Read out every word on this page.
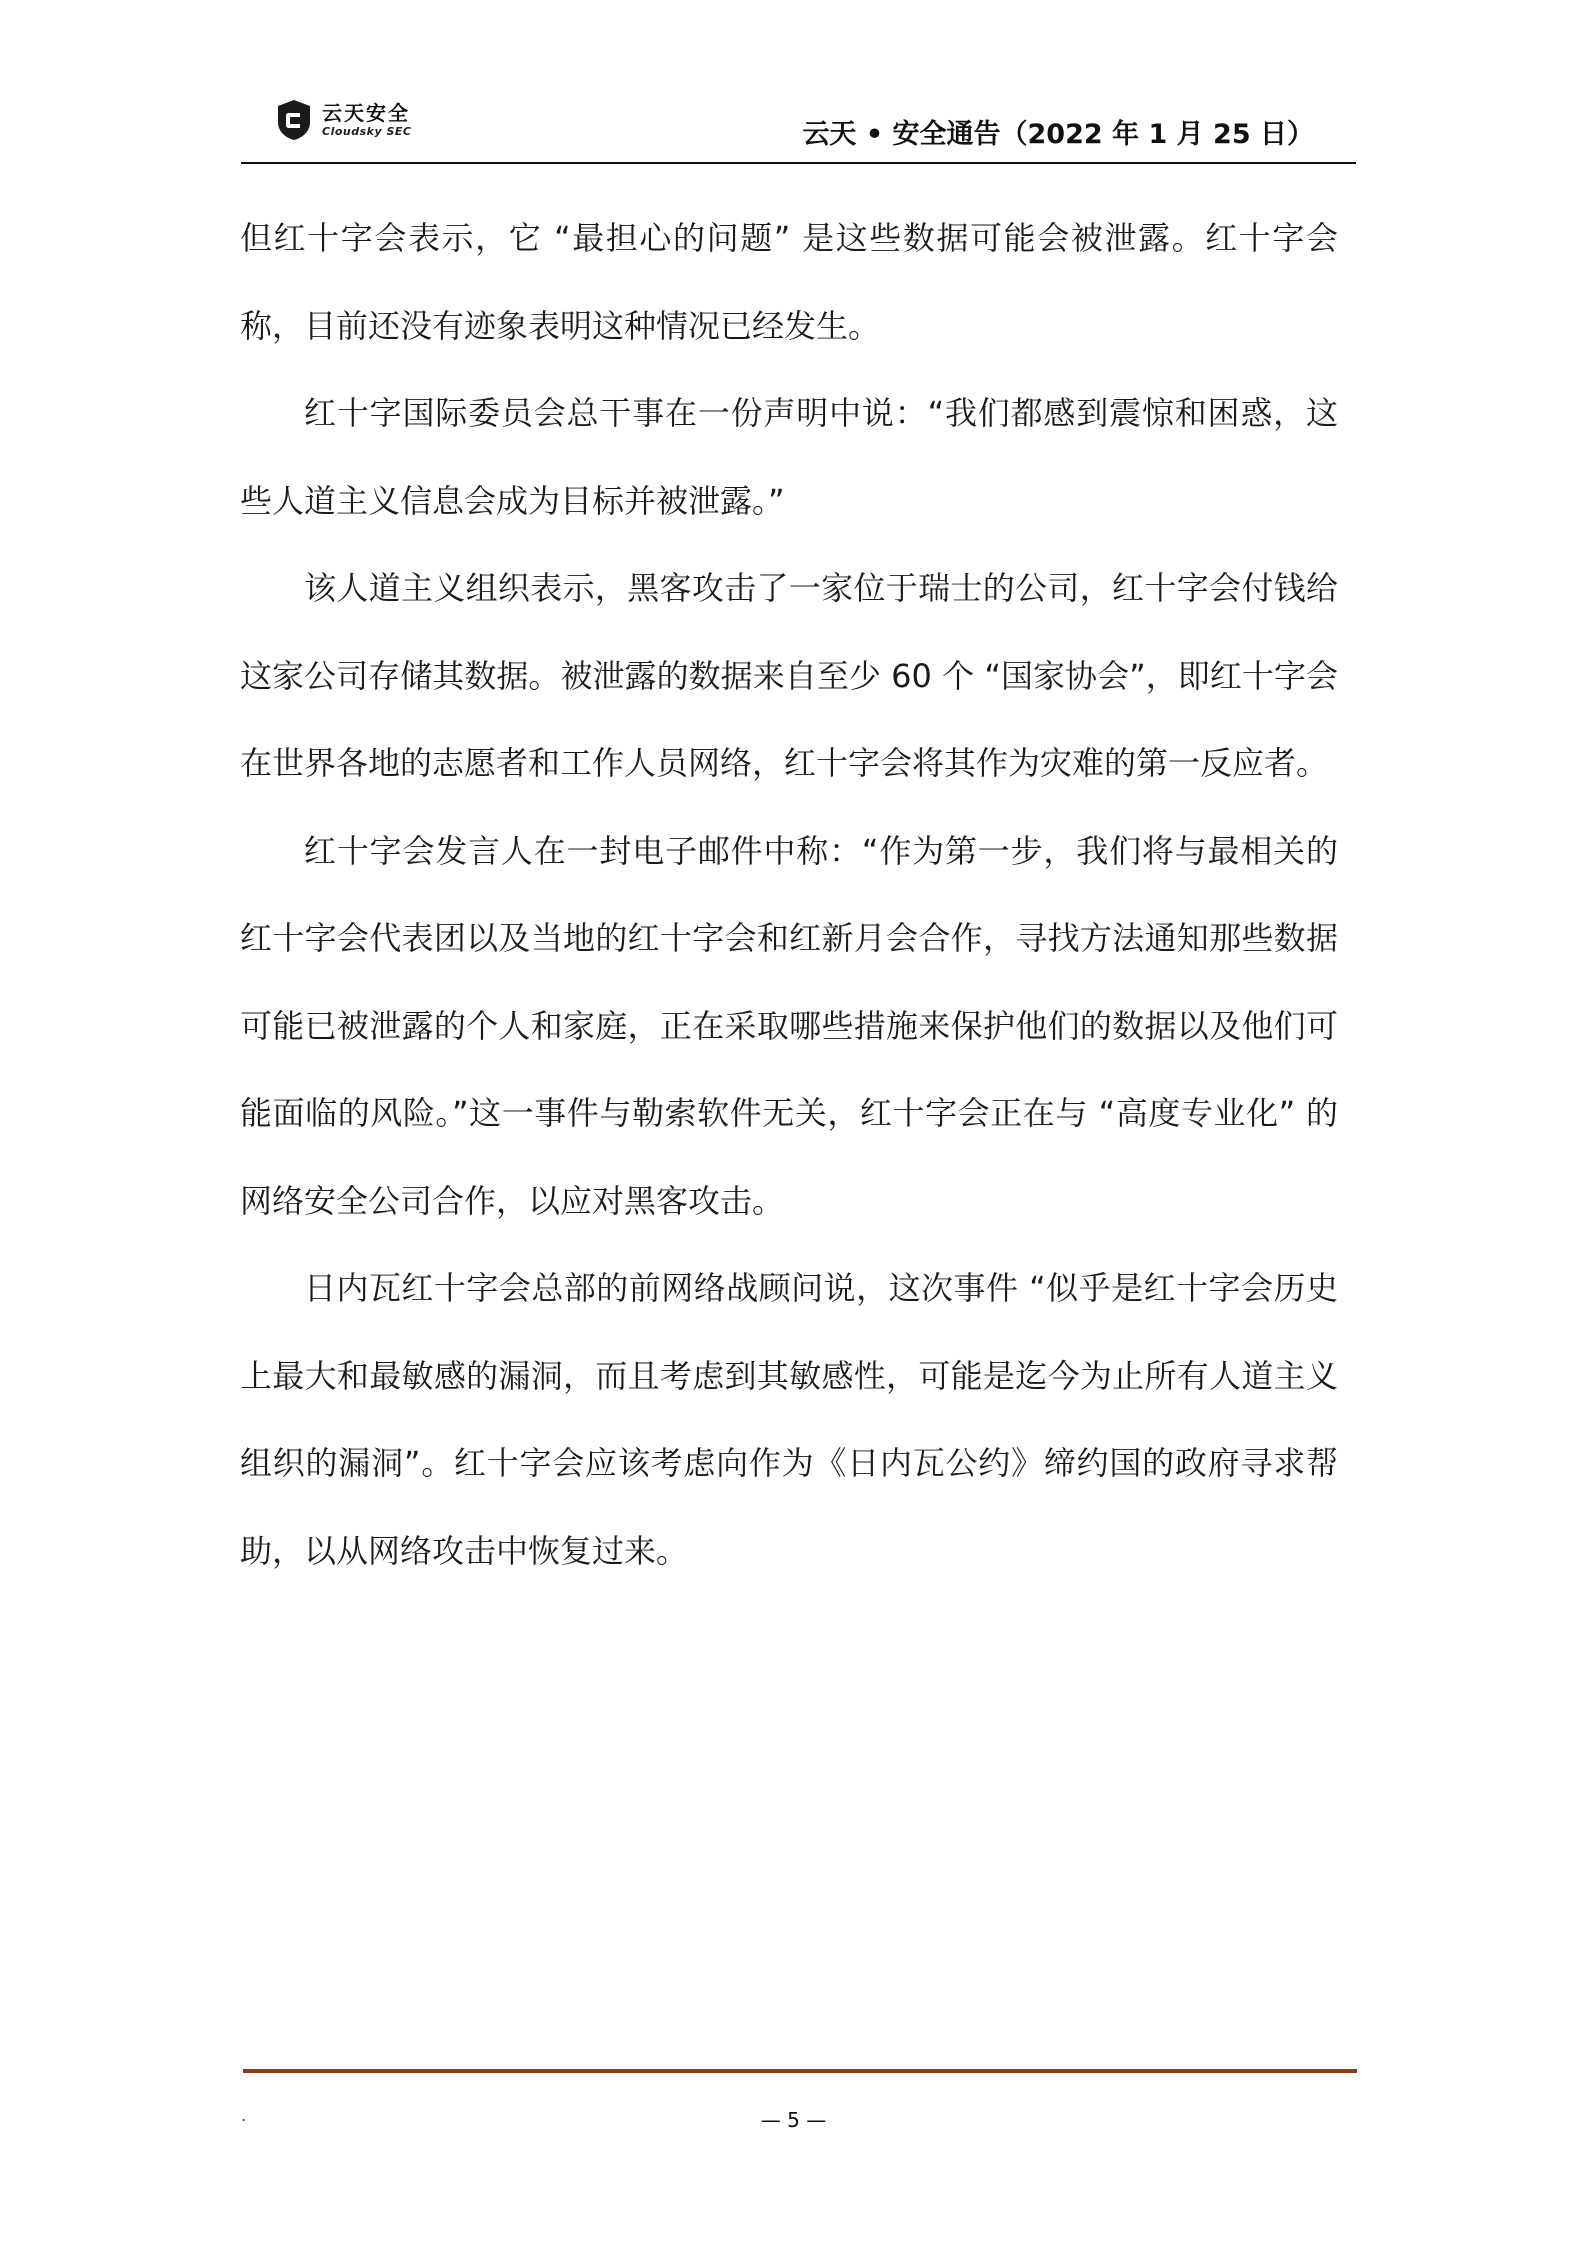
云天安全
Cloudsky SEC	云天 • 安全通告（2022 年 1 月 25 日）

但红十字会表示，它 “最担心的问题” 是这些数据可能会被泄露。红十字会称，目前还没有迹象表明这种情况已经发生。

红十字国际委员会总干事在一份声明中说：“我们都感到震惊和困惑，这些人道主义信息会成为目标并被泄露。”

该人道主义组织表示，黑客攻击了一家位于瑞士的公司，红十字会付钱给这家公司存储其数据。被泄露的数据来自至少 60 个 “国家协会”，即红十字会在世界各地的志愿者和工作人员网络，红十字会将其作为灾难的第一反应者。

红十字会发言人在一封电子邮件中称：“作为第一步，我们将与最相关的红十字会代表团以及当地的红十字会和红新月会合作，寻找方法通知那些数据可能已被泄露的个人和家庭，正在采取哪些措施来保护他们的数据以及他们可能面临的风险。”这一事件与勒索软件无关，红十字会正在与 “高度专业化” 的网络安全公司合作，以应对黑客攻击。

日内瓦红十字会总部的前网络战顾问说，这次事件 “似乎是红十字会历史上最大和最敏感的漏洞，而且考虑到其敏感性，可能是迄今为止所有人道主义组织的漏洞”。红十字会应该考虑向作为《日内瓦公约》缔约国的政府寻求帮助，以从网络攻击中恢复过来。

.	— 5 —
